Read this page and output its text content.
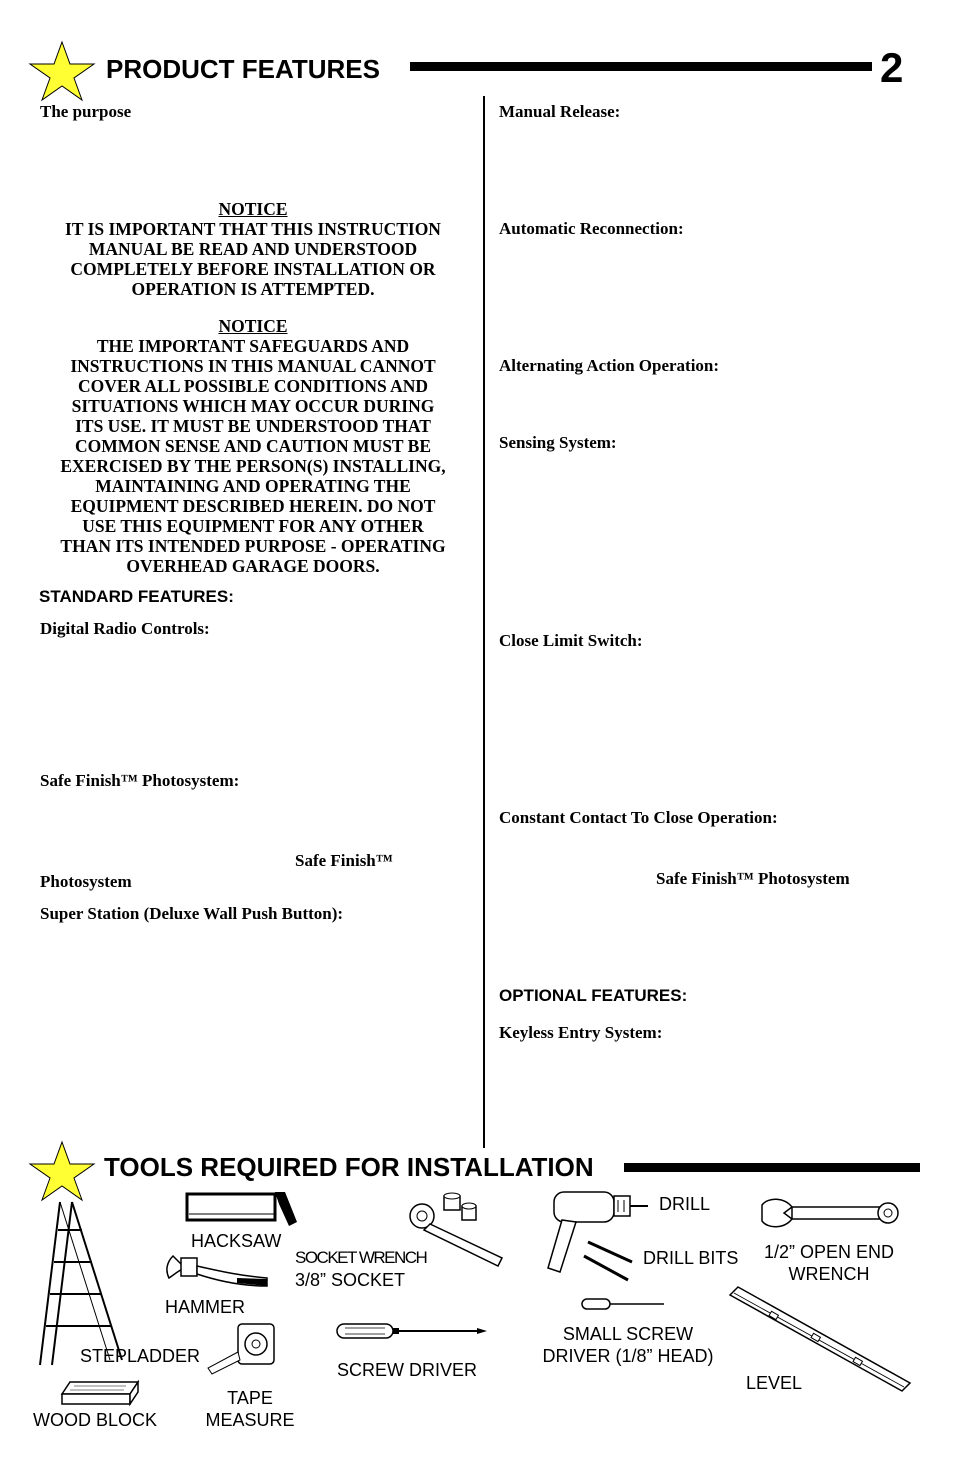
PRODUCT FEATURES	2
The purpose
NOTICE
IT IS IMPORTANT THAT THIS INSTRUCTION
MANUAL BE READ AND UNDERSTOOD
COMPLETELY BEFORE INSTALLATION OR
OPERATION IS ATTEMPTED.
NOTICE
THE IMPORTANT SAFEGUARDS AND
INSTRUCTIONS IN THIS MANUAL CANNOT
COVER ALL POSSIBLE CONDITIONS AND
SITUATIONS WHICH MAY OCCUR DURING
ITS USE. IT MUST BE UNDERSTOOD THAT
COMMON SENSE AND CAUTION MUST BE
EXERCISED BY THE PERSON(S) INSTALLING,
MAINTAINING AND OPERATING THE
EQUIPMENT DESCRIBED HEREIN. DO NOT
USE THIS EQUIPMENT FOR ANY OTHER
THAN ITS INTENDED PURPOSE - OPERATING
OVERHEAD GARAGE DOORS.
STANDARD FEATURES:
Digital Radio Controls:
Safe Finish™ Photosystem:
Safe Finish™
Photosystem
Super Station (Deluxe Wall Push Button):
Manual Release:
Automatic Reconnection:
Alternating Action Operation:
Sensing System:
Close Limit Switch:
Constant Contact To Close Operation:
Safe Finish™ Photosystem
OPTIONAL FEATURES:
Keyless Entry System:
TOOLS REQUIRED FOR INSTALLATION
STEPLADDER
WOOD BLOCK
HACKSAW
HAMMER
TAPE
MEASURE
SOCKET WRENCH
3/8” SOCKET
SCREW DRIVER
DRILL
DRILL BITS
SMALL SCREW
DRIVER (1/8” HEAD)
1/2” OPEN END
WRENCH
LEVEL
